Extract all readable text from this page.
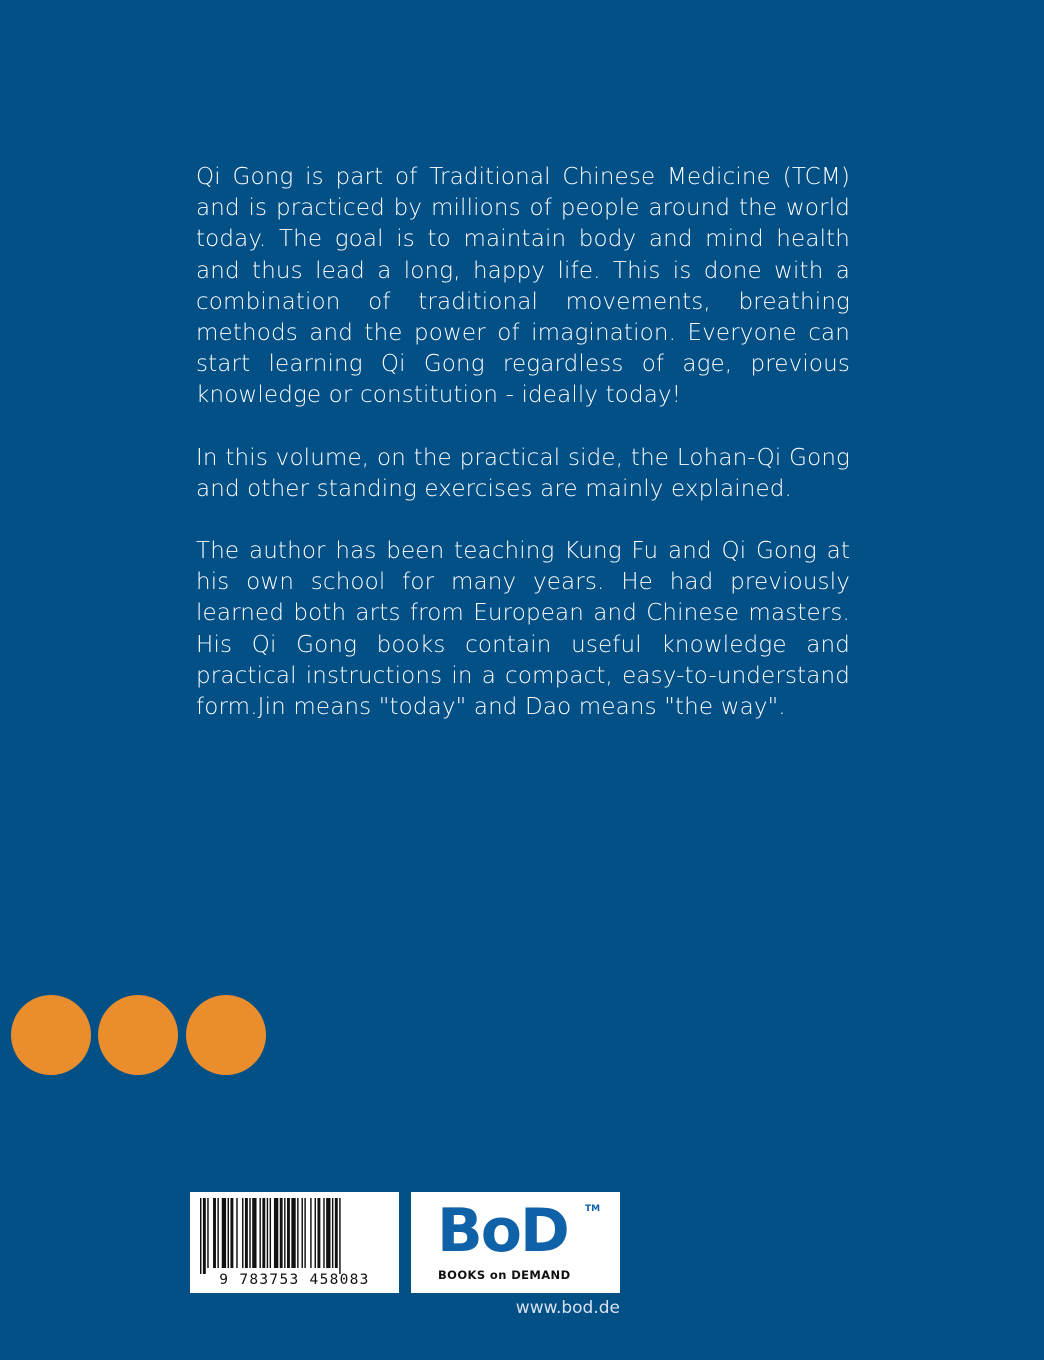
Qi Gong is part of Traditional Chinese Medicine (TCM) and is practiced by millions of people around the world today. The goal is to maintain body and mind health and thus lead a long, happy life. This is done with a combination of traditional movements, breathing methods and the power of imagination. Everyone can start learning Qi Gong regardless of age, previous knowledge or constitution - ideally today!

In this volume, on the practical side, the Lohan-Qi Gong and other standing exercises are mainly explained.

The author has been teaching Kung Fu and Qi Gong at his own school for many years. He had previously learned both arts from European and Chinese masters. His Qi Gong books contain useful knowledge and practical instructions in a compact, easy-to-understand form.Jin means "today" and Dao means "the way".

9 783753 458083
BoD TM
BOOKS on DEMAND
www.bod.de
